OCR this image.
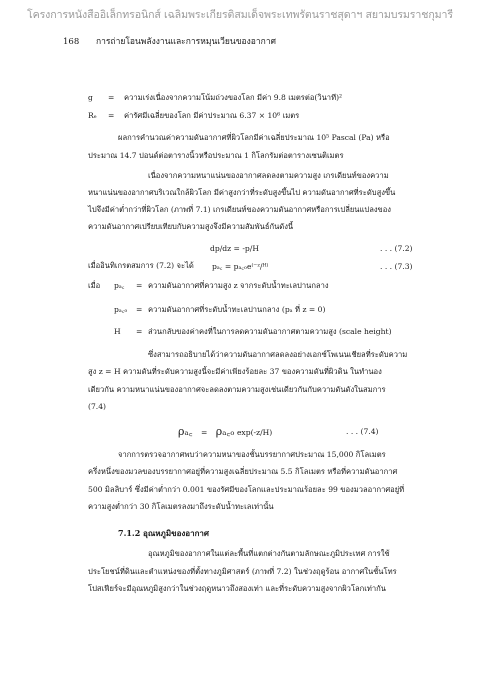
โครงการหนังสืออิเล็กทรอนิกส์ เฉลิมพระเกียรติสมเด็จพระเทพรัตนราชสุดาฯ สยามบรมราชกุมารี
168 การถ่ายโอนพลังงานและการหมุนเวียนของอากาศ
g = ความเร่งเนื่องจากความโน้มถ่วงของโลก มีค่า 9.8 เมตรต่อ(วินาที)²
Rₑ = ค่ารัศมีเฉลี่ยของโลก มีค่าประมาณ 6.37 × 10⁶ เมตร
ผลการคำนวณค่าความดันอากาศที่ผิวโลกมีค่าเฉลี่ยประมาณ 10⁵ Pascal (Pa) หรือ
ประมาณ 14.7 ปอนด์ต่อตารางนิ้วหรือประมาณ 1 กิโลกรัมต่อตารางเซนติเมตร
เนื่องจากความหนาแน่นของอากาศลดลงตามความสูง เกรเดียนท์ของความ
หนาแน่นของอากาศบริเวณใกล้ผิวโลก มีค่าสูงกว่าที่ระดับสูงขึ้นไป ความดันอากาศที่ระดับสูงขึ้น
ไปจึงมีค่าต่ำกว่าที่ผิวโลก (ภาพที่ 7.1) เกรเดียนท์ของความดันอากาศหรือการเปลี่ยนแปลงของ
ความดันอากาศเปรียบเทียบกับความสูงจึงมีความสัมพันธ์กันดังนี้
dp/dz = -p/H	. . . (7.2)
เมื่ออินทิเกรตสมการ (7.2) จะได้ pₐ꜀ = pₐ꜀ₒe⁽⁻ᶻ/ᴴ⁾	. . . (7.3)
เมื่อ pₐ꜀ = ความดันอากาศที่ความสูง z จากระดับน้ำทะเลปานกลาง
pₐ꜀ₒ = ความดันอากาศที่ระดับน้ำทะเลปานกลาง (pₐ ที่ z = 0)
H = ส่วนกลับของค่าคงที่ในการลดความดันอากาศตามความสูง (scale height)
ซึ่งสามารถอธิบายได้ว่าความดันอากาศลดลงอย่างเอกซ์โพเนนเชียลที่ระดับความ
สูง z = H ความดันที่ระดับความสูงนี้จะมีค่าเพียงร้อยละ 37 ของความดันที่ผิวดิน ในทำนอง
เดียวกัน ความหนาแน่นของอากาศจะลดลงตามความสูงเช่นเดียวกันกับความดันดังในสมการ
(7.4)
ρₐ꜀ = ρₐ꜀ₒ exp(-z/H)	. . . (7.4)
จากการตรวจอากาศพบว่าความหนาของชั้นบรรยากาศประมาณ 15,000 กิโลเมตร
ครึ่งหนึ่งของมวลของบรรยากาศอยู่ที่ความสูงเฉลี่ยประมาณ 5.5 กิโลเมตร หรือที่ความดันอากาศ
500 มิลลิบาร์ ซึ่งมีค่าต่ำกว่า 0.001 ของรัศมีของโลกและประมาณร้อยละ 99 ของมวลอากาศอยู่ที่
ความสูงต่ำกว่า 30 กิโลเมตรลงมาถึงระดับน้ำทะเลเท่านั้น
7.1.2 อุณหภูมิของอากาศ
อุณหภูมิของอากาศในแต่ละพื้นที่แตกต่างกันตามลักษณะภูมิประเทศ การใช้
ประโยชน์ที่ดินและตำแหน่งของที่ตั้งทางภูมิศาสตร์ (ภาพที่ 7.2) ในช่วงฤดูร้อน อากาศในชั้นโทร
โปสเฟียร์จะมีอุณหภูมิสูงกว่าในช่วงฤดูหนาวถึงสองเท่า และที่ระดับความสูงจากผิวโลกเท่ากัน
